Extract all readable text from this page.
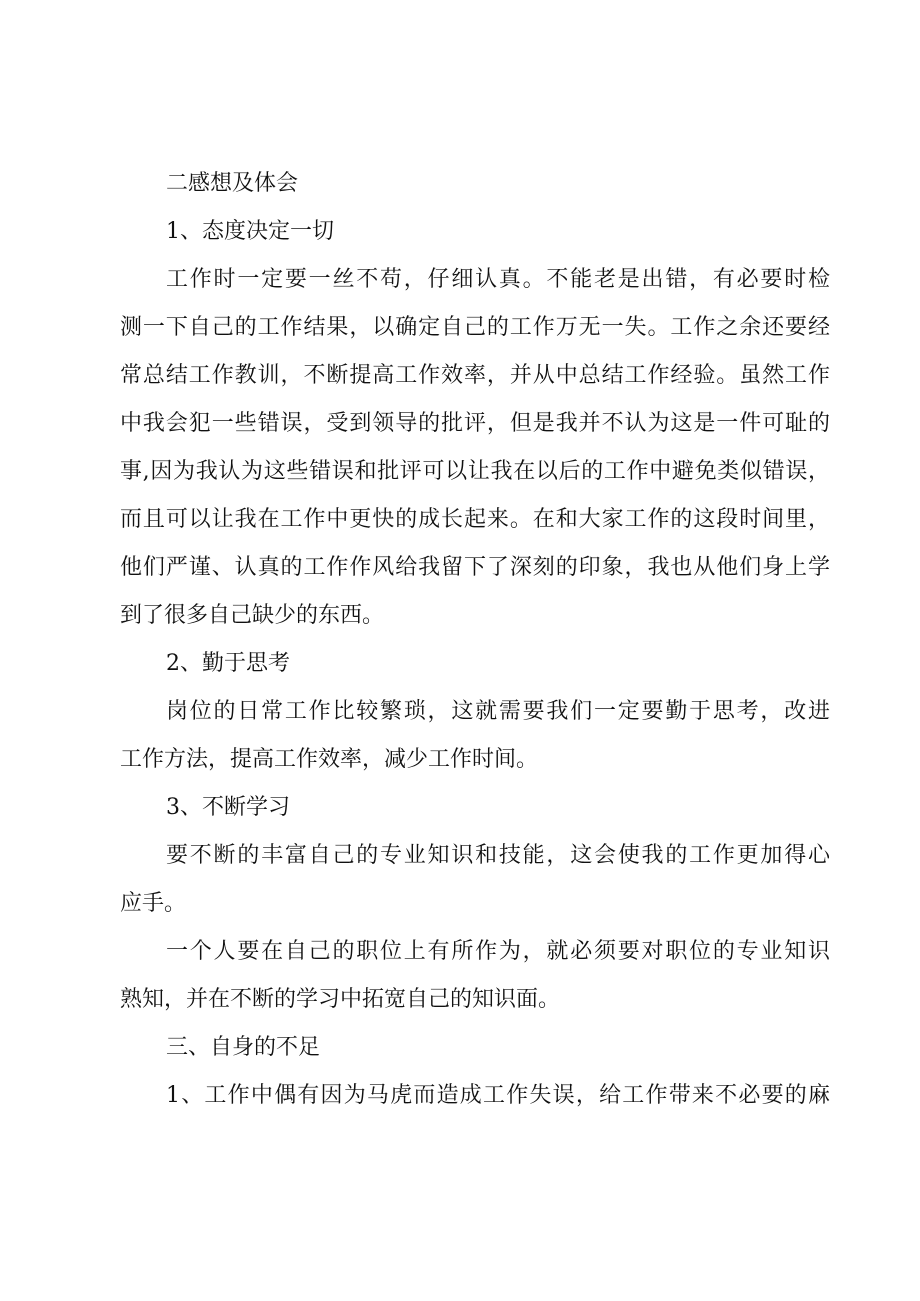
二感想及体会

1、态度决定一切

工作时一定要一丝不苟，仔细认真。不能老是出错，有必要时检

测一下自己的工作结果，以确定自己的工作万无一失。工作之余还要经

常总结工作教训，不断提高工作效率，并从中总结工作经验。虽然工作

中我会犯一些错误，受到领导的批评，但是我并不认为这是一件可耻的

事,因为我认为这些错误和批评可以让我在以后的工作中避免类似错误，

而且可以让我在工作中更快的成长起来。在和大家工作的这段时间里，

他们严谨、认真的工作作风给我留下了深刻的印象，我也从他们身上学

到了很多自己缺少的东西。

2、勤于思考

岗位的日常工作比较繁琐，这就需要我们一定要勤于思考，改进

工作方法，提高工作效率，减少工作时间。

3、不断学习

要不断的丰富自己的专业知识和技能，这会使我的工作更加得心

应手。

一个人要在自己的职位上有所作为，就必须要对职位的专业知识

熟知，并在不断的学习中拓宽自己的知识面。

三、自身的不足

1、工作中偶有因为马虎而造成工作失误，给工作带来不必要的麻
